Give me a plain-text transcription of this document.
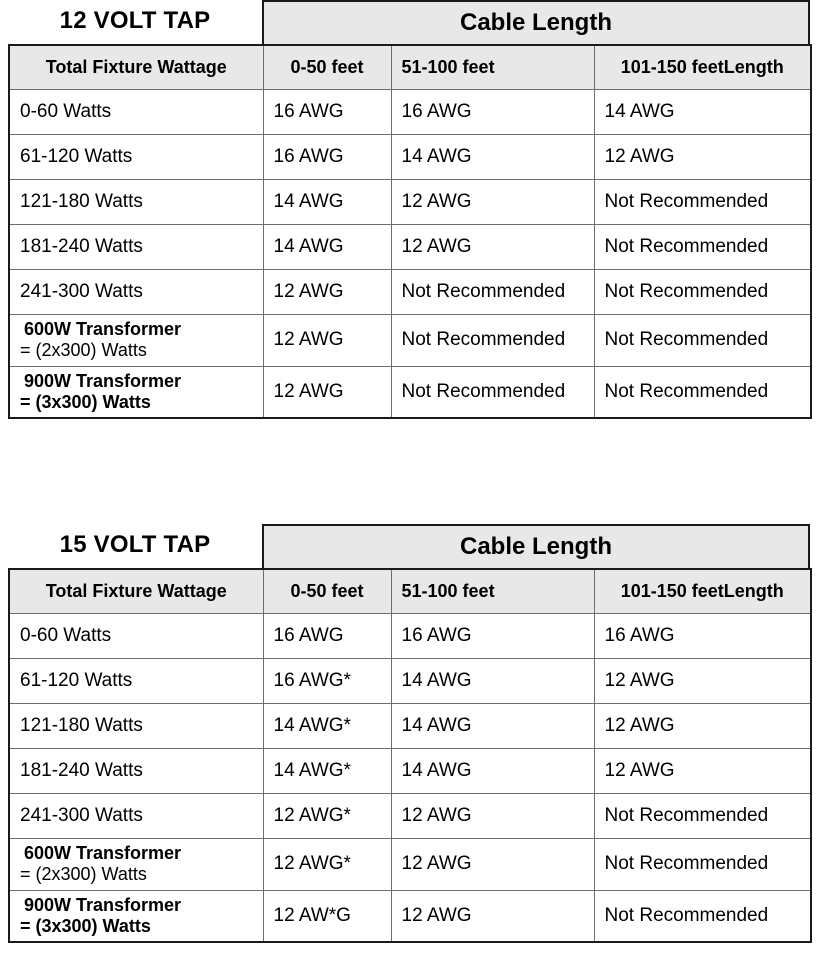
12 VOLT TAP	Cable Length
Total Fixture Wattage	0-50 feet	51-100 feet	101-150 feetLength
0-60 Watts	16 AWG	16 AWG	14 AWG
61-120 Watts	16 AWG	14 AWG	12 AWG
121-180 Watts	14 AWG	12 AWG	Not Recommended
181-240 Watts	14 AWG	12 AWG	Not Recommended
241-300 Watts	12 AWG	Not Recommended	Not Recommended

600W Transformer
= (2x300) Watts	12 AWG	Not Recommended	Not Recommended

900W Transformer
= (3x300) Watts	12 AWG	Not Recommended	Not Recommended
15 VOLT TAP	Cable Length
Total Fixture Wattage	0-50 feet	51-100 feet	101-150 feetLength
0-60 Watts	16 AWG	16 AWG	16 AWG
61-120 Watts	16 AWG*	14 AWG	12 AWG
121-180 Watts	14 AWG*	14 AWG	12 AWG
181-240 Watts	14 AWG*	14 AWG	12 AWG
241-300 Watts	12 AWG*	12 AWG	Not Recommended

600W Transformer
= (2x300) Watts	12 AWG*	12 AWG	Not Recommended

900W Transformer
= (3x300) Watts	12 AW*G	12 AWG	Not Recommended
